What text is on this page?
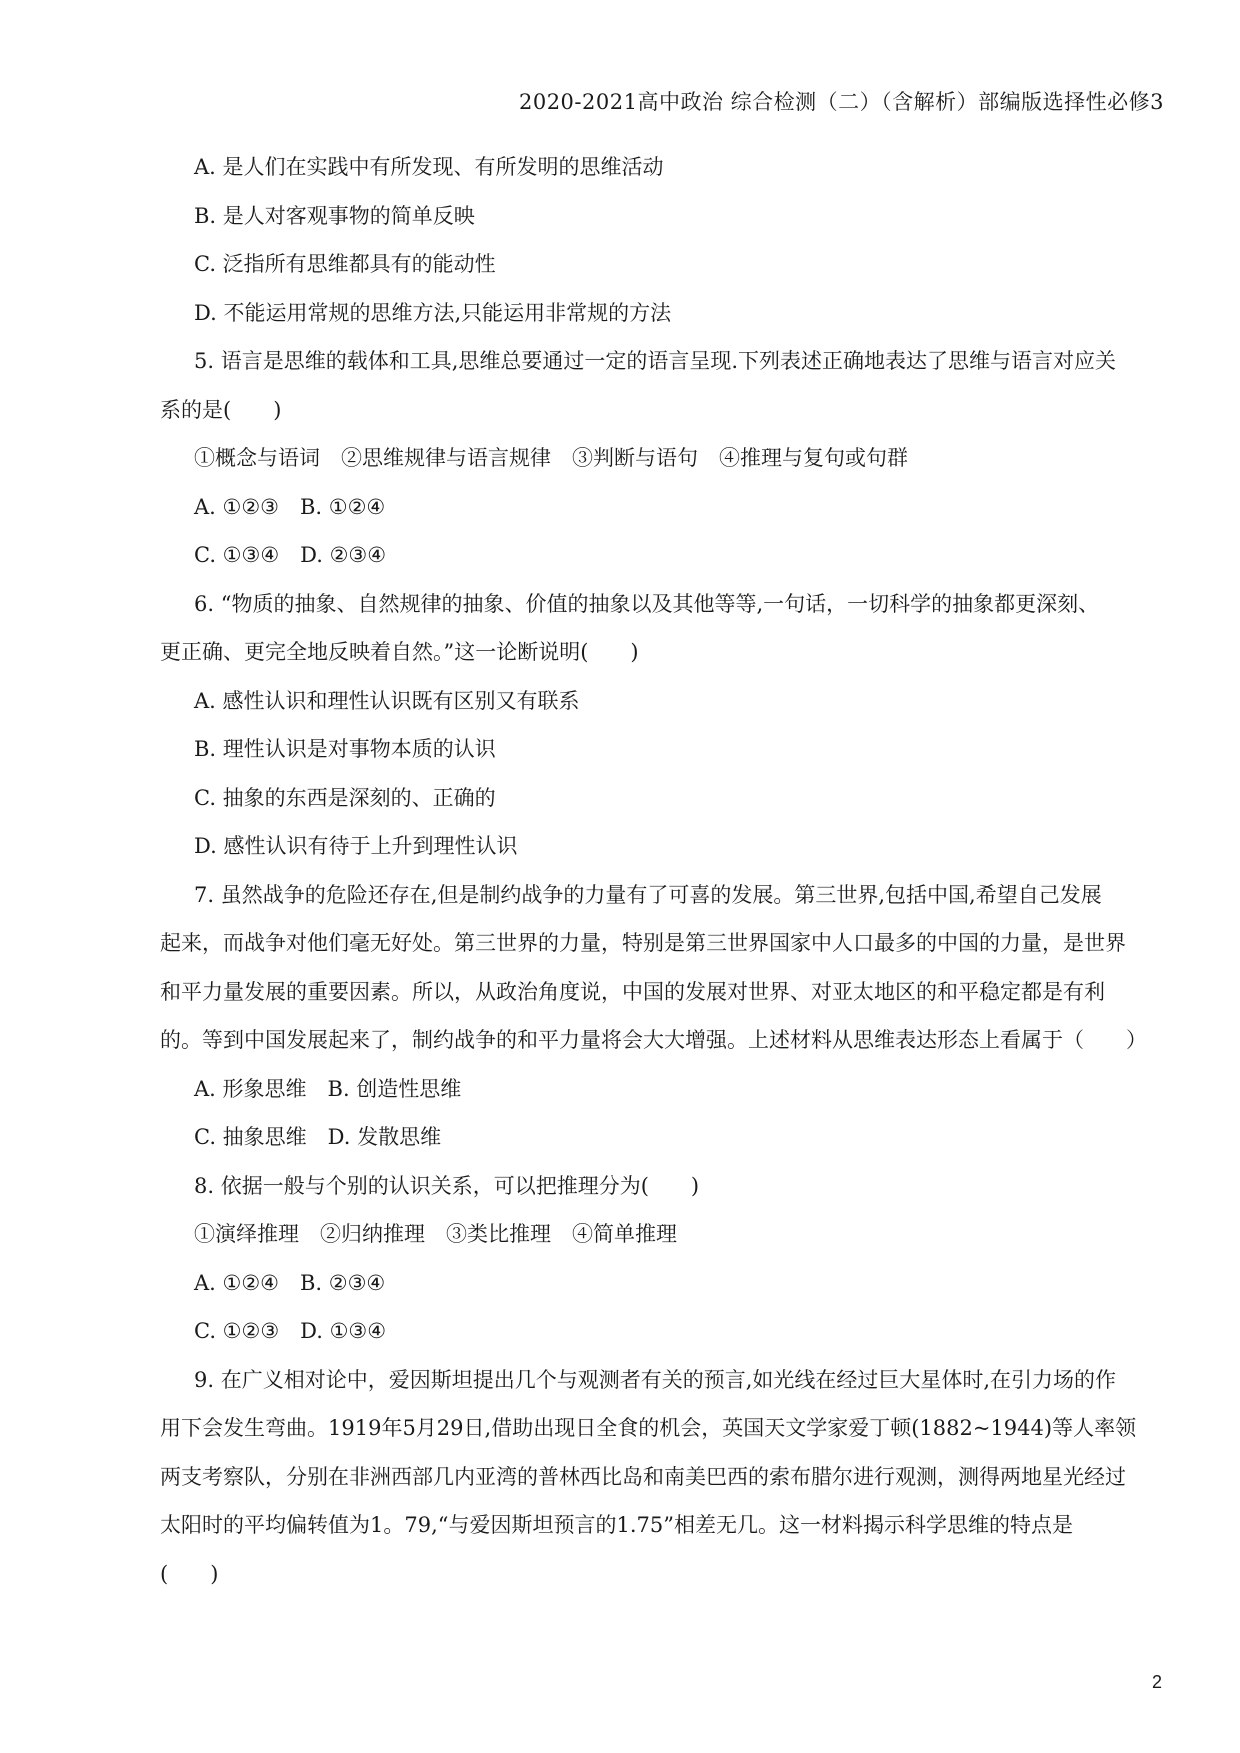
2020-2021高中政治 综合检测（二）（含解析）部编版选择性必修3
A. 是人们在实践中有所发现、有所发明的思维活动
B. 是人对客观事物的简单反映
C. 泛指所有思维都具有的能动性
D. 不能运用常规的思维方法,只能运用非常规的方法
5. 语言是思维的载体和工具,思维总要通过一定的语言呈现.下列表述正确地表达了思维与语言对应关
系的是(　　)
①概念与语词　②思维规律与语言规律　③判断与语句　④推理与复句或句群
A. ①②③　B. ①②④
C. ①③④　D. ②③④
6. “物质的抽象、自然规律的抽象、价值的抽象以及其他等等,一句话，一切科学的抽象都更深刻、
更正确、更完全地反映着自然。”这一论断说明(　　)
A. 感性认识和理性认识既有区别又有联系
B. 理性认识是对事物本质的认识
C. 抽象的东西是深刻的、正确的
D. 感性认识有待于上升到理性认识
7. 虽然战争的危险还存在,但是制约战争的力量有了可喜的发展。第三世界,包括中国,希望自己发展
起来，而战争对他们毫无好处。第三世界的力量，特别是第三世界国家中人口最多的中国的力量，是世界
和平力量发展的重要因素。所以，从政治角度说，中国的发展对世界、对亚太地区的和平稳定都是有利
的。等到中国发展起来了，制约战争的和平力量将会大大增强。上述材料从思维表达形态上看属于（　　）
A. 形象思维　B. 创造性思维
C. 抽象思维　D. 发散思维
8. 依据一般与个别的认识关系，可以把推理分为(　　)
①演绎推理　②归纳推理　③类比推理　④简单推理
A. ①②④　B. ②③④
C. ①②③　D. ①③④
9. 在广义相对论中，爱因斯坦提出几个与观测者有关的预言,如光线在经过巨大星体时,在引力场的作
用下会发生弯曲。1919年5月29日,借助出现日全食的机会，英国天文学家爱丁顿(1882~1944)等人率领
两支考察队，分别在非洲西部几内亚湾的普林西比岛和南美巴西的索布腊尔进行观测，测得两地星光经过
太阳时的平均偏转值为1。79,“与爱因斯坦预言的1.75”相差无几。这一材料揭示科学思维的特点是
(　　)
2
